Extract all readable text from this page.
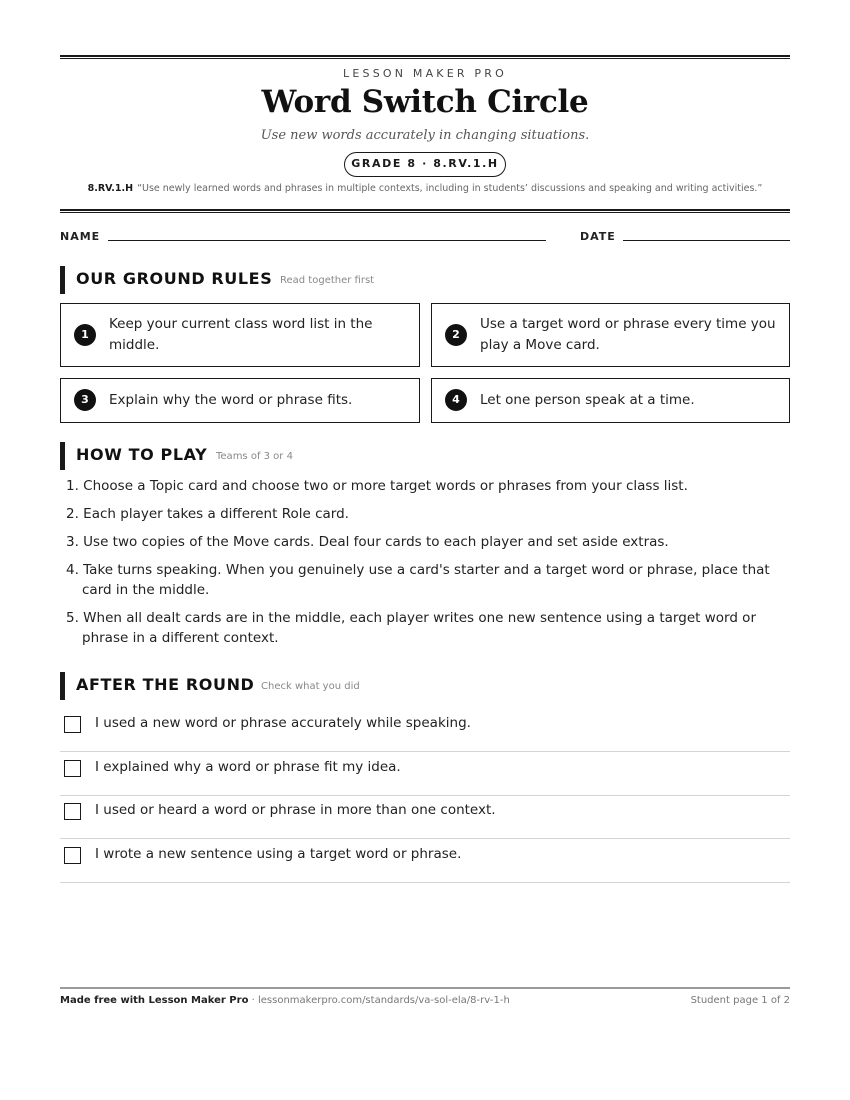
LESSON MAKER PRO
Word Switch Circle
Use new words accurately in changing situations.
GRADE 8 · 8.RV.1.H
8.RV.1.H “Use newly learned words and phrases in multiple contexts, including in students’ discussions and speaking and writing activities.”
NAME	DATE
OUR GROUND RULES Read together first
1
Keep your current class word list in the middle.
2
Use a target word or phrase every time you play a Move card.
3	Explain why the word or phrase fits.	4	Let one person speak at a time.
HOW TO PLAY Teams of 3 or 4
1. Choose a Topic card and choose two or more target words or phrases from your class list.
2. Each player takes a different Role card.
3. Use two copies of the Move cards. Deal four cards to each player and set aside extras.
4. Take turns speaking. When you genuinely use a card's starter and a target word or phrase, place that card in the middle.
5. When all dealt cards are in the middle, each player writes one new sentence using a target word or phrase in a different context.
AFTER THE ROUND Check what you did
I used a new word or phrase accurately while speaking.
I explained why a word or phrase fit my idea.
I used or heard a word or phrase in more than one context.
I wrote a new sentence using a target word or phrase.
Made free with Lesson Maker Pro · lessonmakerpro.com/standards/va-sol-ela/8-rv-1-h	Student page 1 of 2
